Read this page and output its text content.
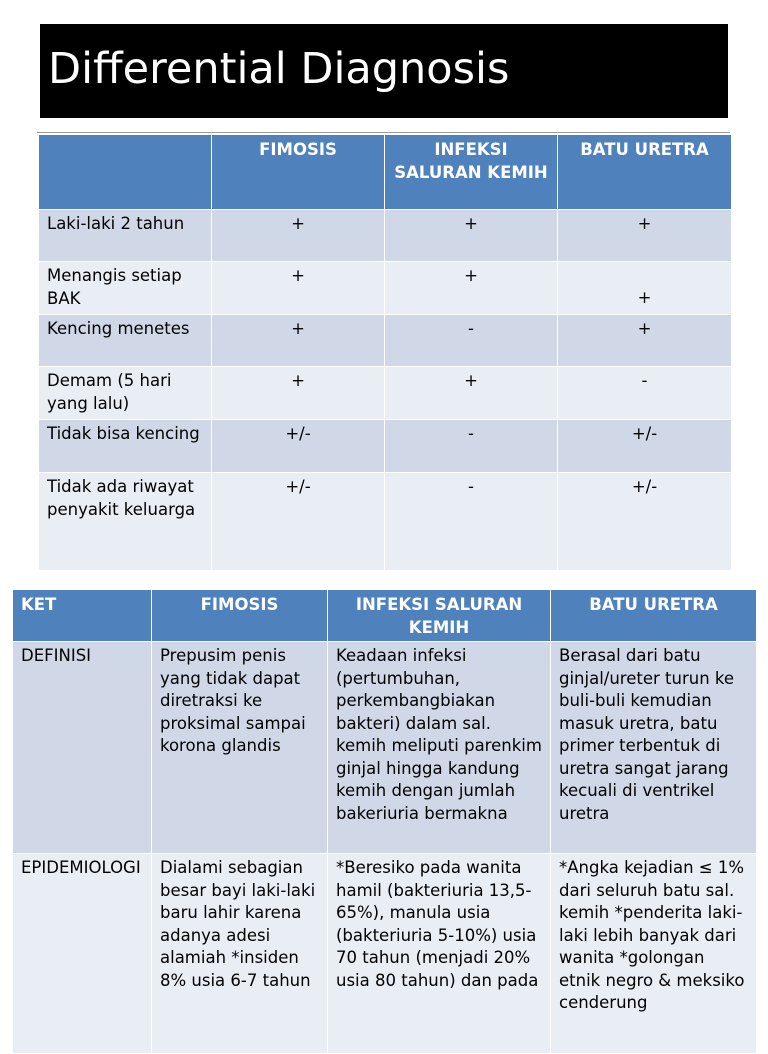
Differential Diagnosis
	FIMOSIS	INFEKSI SALURAN KEMIH	BATU URETRA
Laki-laki 2 tahun	+	+	+
Menangis setiap BAK	+	+	+

Kencing menetes	+	-	+
Demam (5 hari yang lalu)	+	+	-
Tidak bisa kencing	+/-	-	+/-
Tidak ada riwayat penyakit keluarga	+/-	-	+/-
KET	FIMOSIS	INFEKSI SALURAN KEMIH	BATU URETRA
DEFINISI	Prepusim penis yang tidak dapat diretraksi ke proksimal sampai korona glandis	Keadaan infeksi (pertumbuhan, perkembangbiakan bakteri) dalam sal. kemih meliputi parenkim ginjal hingga kandung kemih dengan jumlah bakeriuria bermakna	Berasal dari batu ginjal/ureter turun ke buli-buli kemudian masuk uretra, batu primer terbentuk di uretra sangat jarang kecuali di ventrikel uretra
EPIDEMIOLOGI	Dialami sebagian besar bayi laki-laki baru lahir karena adanya adesi alamiah *insiden 8% usia 6-7 tahun	*Beresiko pada wanita hamil (bakteriuria 13,5-65%), manula usia (bakteriuria 5-10%) usia 70 tahun (menjadi 20% usia 80 tahun) dan pada	*Angka kejadian ≤ 1% dari seluruh batu sal. kemih *penderita laki-laki lebih banyak dari wanita *golongan etnik negro & meksiko cenderung
